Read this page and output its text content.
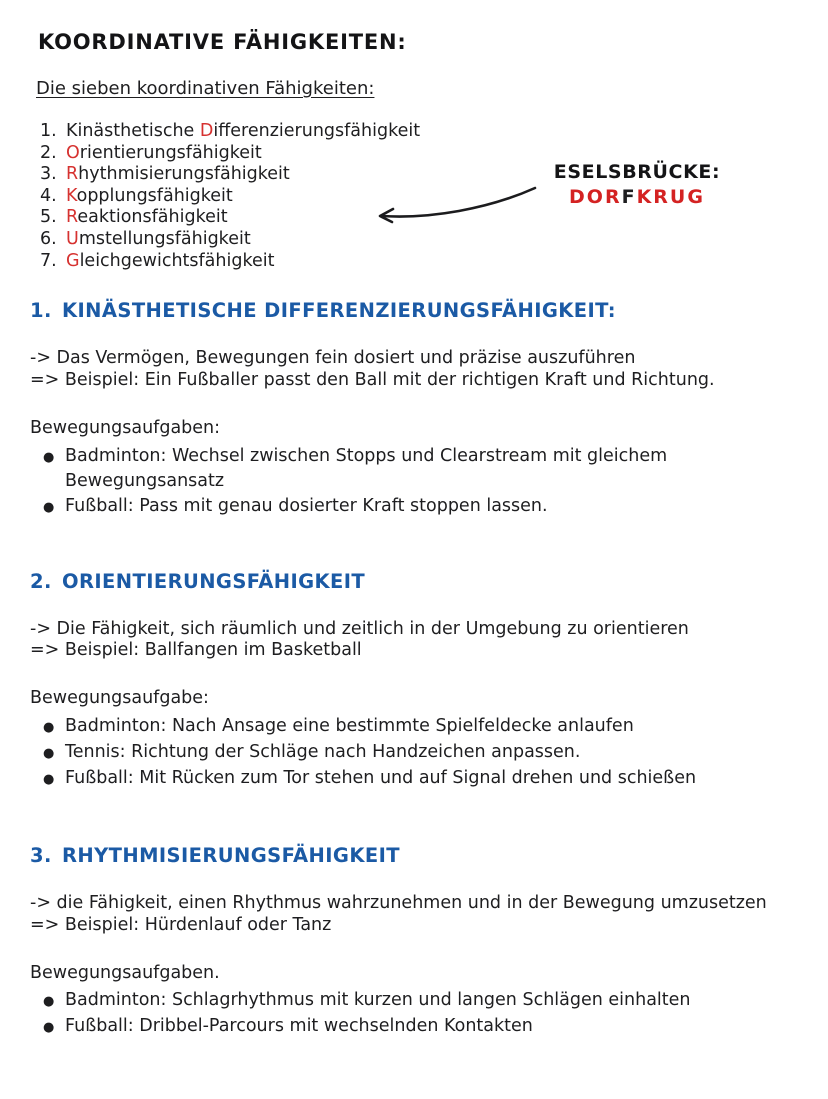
KOORDINATIVE FÄHIGKEITEN:
Die sieben koordinativen Fähigkeiten:
1. Kinästhetische Differenzierungsfähigkeit
2. Orientierungsfähigkeit
3. Rhythmisierungsfähigkeit
4. Kopplungsfähigkeit
5. Reaktionsfähigkeit
6. Umstellungsfähigkeit
7. Gleichgewichtsfähigkeit
ESELSBRÜCKE:
DORFKRUG
1. KINÄSTHETISCHE DIFFERENZIERUNGSFÄHIGKEIT:
-> Das Vermögen, Bewegungen fein dosiert und präzise auszuführen
=> Beispiel: Ein Fußballer passt den Ball mit der richtigen Kraft und Richtung.
Bewegungsaufgaben:
● Badminton: Wechsel zwischen Stopps und Clearstream mit gleichem Bewegungsansatz
● Fußball: Pass mit genau dosierter Kraft stoppen lassen.
2. ORIENTIERUNGSFÄHIGKEIT
-> Die Fähigkeit, sich räumlich und zeitlich in der Umgebung zu orientieren
=> Beispiel: Ballfangen im Basketball
Bewegungsaufgabe:
● Badminton: Nach Ansage eine bestimmte Spielfeldecke anlaufen
● Tennis: Richtung der Schläge nach Handzeichen anpassen.
● Fußball: Mit Rücken zum Tor stehen und auf Signal drehen und schießen
3. RHYTHMISIERUNGSFÄHIGKEIT
-> die Fähigkeit, einen Rhythmus wahrzunehmen und in der Bewegung umzusetzen
=> Beispiel: Hürdenlauf oder Tanz
Bewegungsaufgaben.
● Badminton: Schlagrhythmus mit kurzen und langen Schlägen einhalten
● Fußball: Dribbel-Parcours mit wechselnden Kontakten
